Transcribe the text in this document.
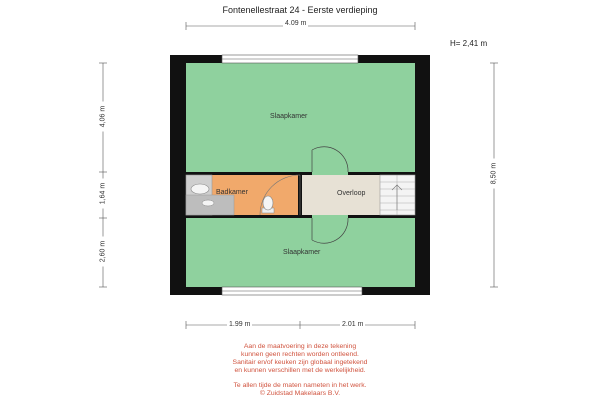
Fontenellestraat 24 - Eerste verdieping
H= 2,41 m
4.09 m
1.99 m	2.01 m
4,06 m
1,64 m
2,60 m
8,50 m
Slaapkamer
Badkamer	Overloop
Slaapkamer

Aan de maatvoering in deze tekening

kunnen geen rechten worden ontleend.

Sanitair en/of keuken zijn globaal ingetekend

en kunnen verschillen met de werkelijkheid.

Te allen tijde de maten nameten in het werk.

© Zuidstad Makelaars B.V.
